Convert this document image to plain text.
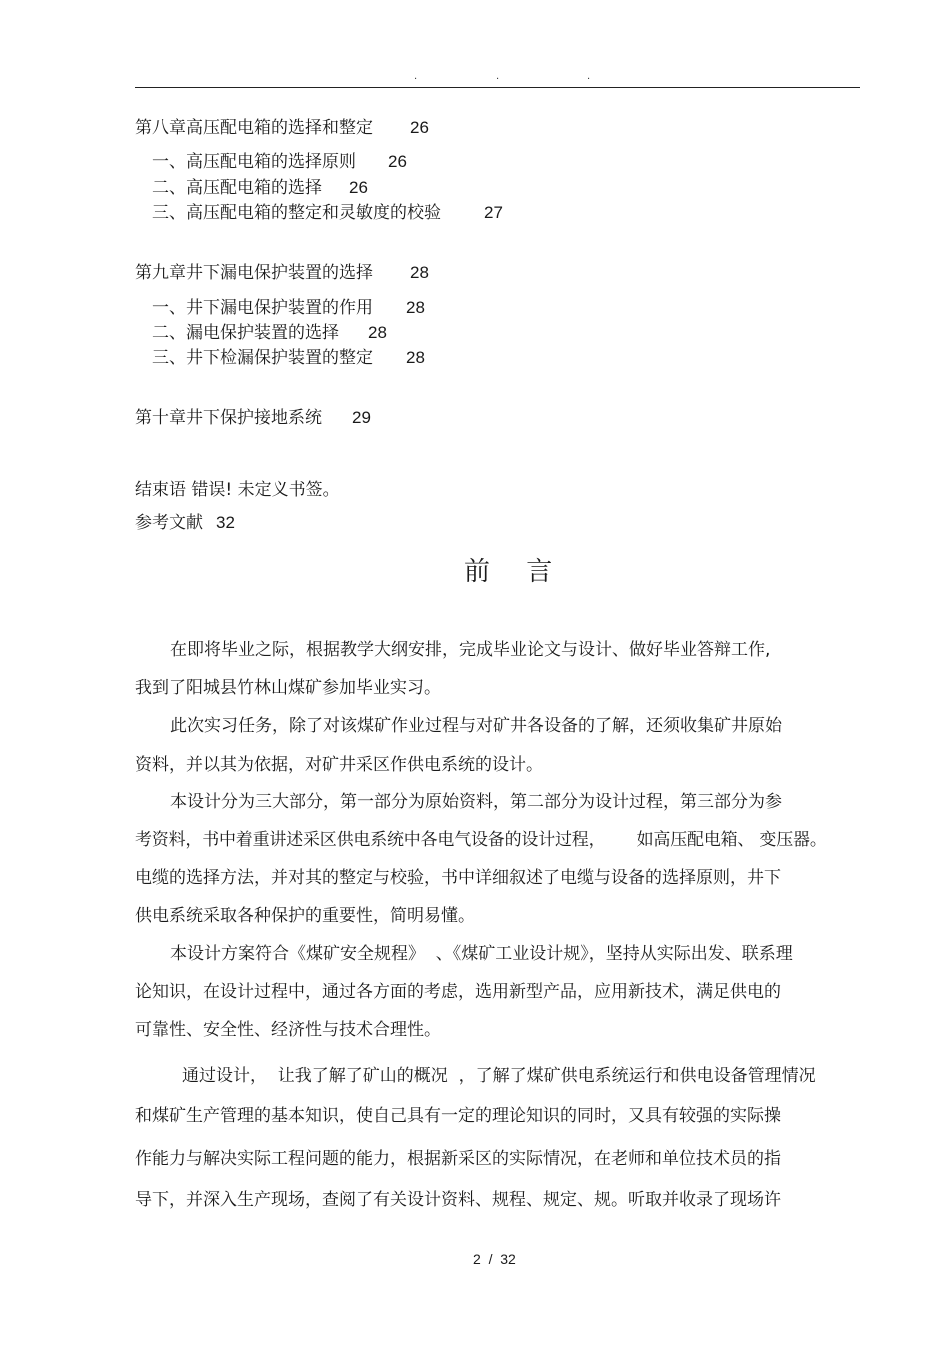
.	.	.
第八章高压配电箱的选择和整定 26
一、高压配电箱的选择原则 26
二、高压配电箱的选择 26
三、高压配电箱的整定和灵敏度的校验	27
第九章井下漏电保护装置的选择 28
一、井下漏电保护装置的作用 28
二、漏电保护装置的选择 28
三、井下检漏保护装置的整定 28
第十章井下保护接地系统 29
结束语 错误! 未定义书签。
参考文献 32
前 言
在即将毕业之际，根据教学大纲安排，完成毕业论文与设计、做好毕业答辩工作,
我到了阳城县竹林山煤矿参加毕业实习。
此次实习任务，除了对该煤矿作业过程与对矿井各设备的了解，还须收集矿井原始
资料，并以其为依据，对矿井采区作供电系统的设计。
本设计分为三大部分，第一部分为原始资料，第二部分为设计过程，第三部分为参
考资料，书中着重讲述采区供电系统中各电气设备的设计过程，      如高压配电箱、 变压器。
电缆的选择方法，并对其的整定与校验，书中详细叙述了电缆与设备的选择原则，井下
供电系统采取各种保护的重要性，简明易懂。
本设计方案符合《煤矿安全规程》  、《煤矿工业设计规》，坚持从实际出发、联系理
论知识，在设计过程中，通过各方面的考虑，选用新型产品，应用新技术，满足供电的
可靠性、安全性、经济性与技术合理性。
通过设计，  让我了解了矿山的概况  ，了解了煤矿供电系统运行和供电设备管理情况
和煤矿生产管理的基本知识，使自己具有一定的理论知识的同时，又具有较强的实际操
作能力与解决实际工程问题的能力，根据新采区的实际情况，在老师和单位技术员的指
导下，并深入生产现场，查阅了有关设计资料、规程、规定、规。听取并收录了现场许
2  /  32
